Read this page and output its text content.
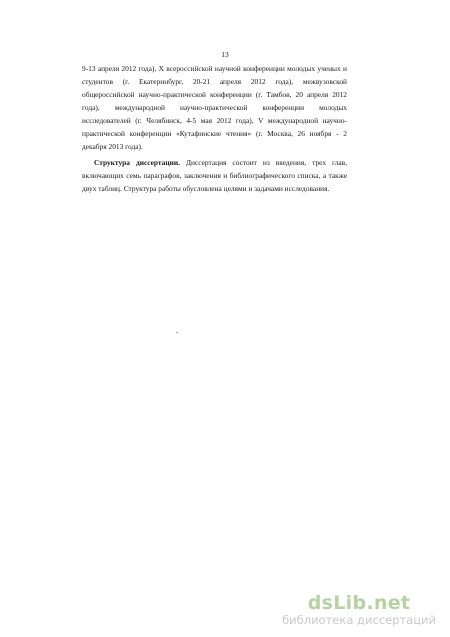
13
9-13 апреля 2012 года), X всероссийской научной конференции молодых ученых и
студентов (г. Екатеринбург, 20-21 апреля 2012 года), межвузовской
общероссийской научно-практической конференции (г. Тамбов, 20 апреля 2012
года), международной научно-практической конференции молодых
исследователей (г. Челябинск, 4-5 мая 2012 года), V международной научно-
практической конференции «Кутафинские чтения» (г. Москва, 26 ноября - 2
декабря 2013 года).
Структура диссертации. Диссертация состоит из введения, трех глав,
включающих семь параграфов, заключения и библиографического списка, а также
двух таблиц. Структура работы обусловлена целями и задачами исследования.
.
dsLib.net
библиотека диссертаций
